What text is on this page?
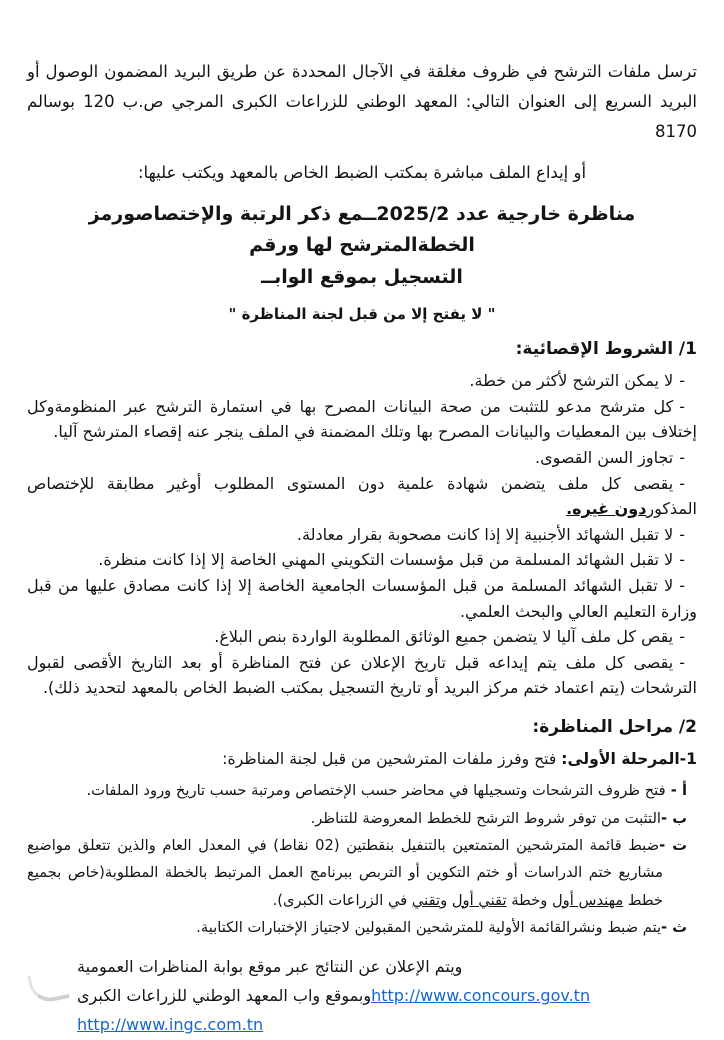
ترسل ملفات الترشح في ظروف مغلقة في الآجال المحددة عن طريق البريد المضمون الوصول أو البريد السريع إلى العنوان التالي: المعهد الوطني للزراعات الكبرى المرجي ص.ب 120 بوسالم 8170

أو إيداع الملف مباشرة بمكتب الضبط الخاص بالمعهد ويكتب عليها:

مناظرة خارجية عدد 2025/2ــمع ذكر الرتبة والإختصاصورمز الخطةالمترشح لها ورقم
التسجيل بموقع الوابــ

" لا يفتح إلا من قبل لجنة المناظرة "

1/ الشروط الإقصائية:
-لا يمكن الترشح لأكثر من خطة.
-كل مترشح مدعو للتثبت من صحة البيانات المصرح بها في استمارة الترشح عبر المنظومةوكل إختلاف بين المعطيات والبيانات المصرح بها وتلك المضمنة في الملف ينجر عنه إقصاء المترشح آليا.
-تجاوز السن القصوى.
-يقصى كل ملف يتضمن شهادة علمية دون المستوى المطلوب أوغير مطابقة للإختصاص المذكوردون غيره.
-لا تقبل الشهائد الأجنبية إلا إذا كانت مصحوبة بقرار معادلة.
-لا تقبل الشهائد المسلمة من قبل مؤسسات التكويني المهني الخاصة إلا إذا كانت منظرة.
-لا تقبل الشهائد المسلمة من قبل المؤسسات الجامعية الخاصة إلا إذا كانت مصادق عليها من قبل وزارة التعليم العالي والبحث العلمي.
-يقص كل ملف آليا لا يتضمن جميع الوثائق المطلوبة الواردة بنص البلاغ.
-يقصى كل ملف يتم إيداعه قبل تاريخ الإعلان عن فتح المناظرة أو بعد التاريخ الأقصى لقبول الترشحات (يتم اعتماد ختم مركز البريد أو تاريخ التسجيل بمكتب الضبط الخاص بالمعهد لتحديد ذلك).
2/ مراحل المناظرة:

1-المرحلة الأولى: فتح وفرز ملفات المترشحين من قبل لجنة المناظرة:

أ - فتح ظروف الترشحات وتسجيلها في محاضر حسب الإختصاص ومرتبة حسب تاريخ ورود الملفات.
ب -التثبت من توفر شروط الترشح للخطط المعروضة للتناظر.
ت -ضبط قائمة المترشحين المتمتعين بالتنفيل بنقطتين (02 نقاط) في المعدل العام والذين تتعلق مواضيع مشاريع ختم الدراسات أو ختم التكوين أو التربص ببرنامج العمل المرتبط بالخطة المطلوبة(خاص بجميع خطط مهندس أول وخطة تقني أول وتقني في الزراعات الكبرى).
ث -يتم ضبط ونشرالقائمة الأولية للمترشحين المقبولين لاجتياز الإختبارات الكتابية.
ويتم الإعلان عن النتائج عبر موقع بوابة المناظرات العمومية
http://www.concours.gov.tnوبموقع واب المعهد الوطني للزراعات الكبرى
http://www.ingc.com.tn
